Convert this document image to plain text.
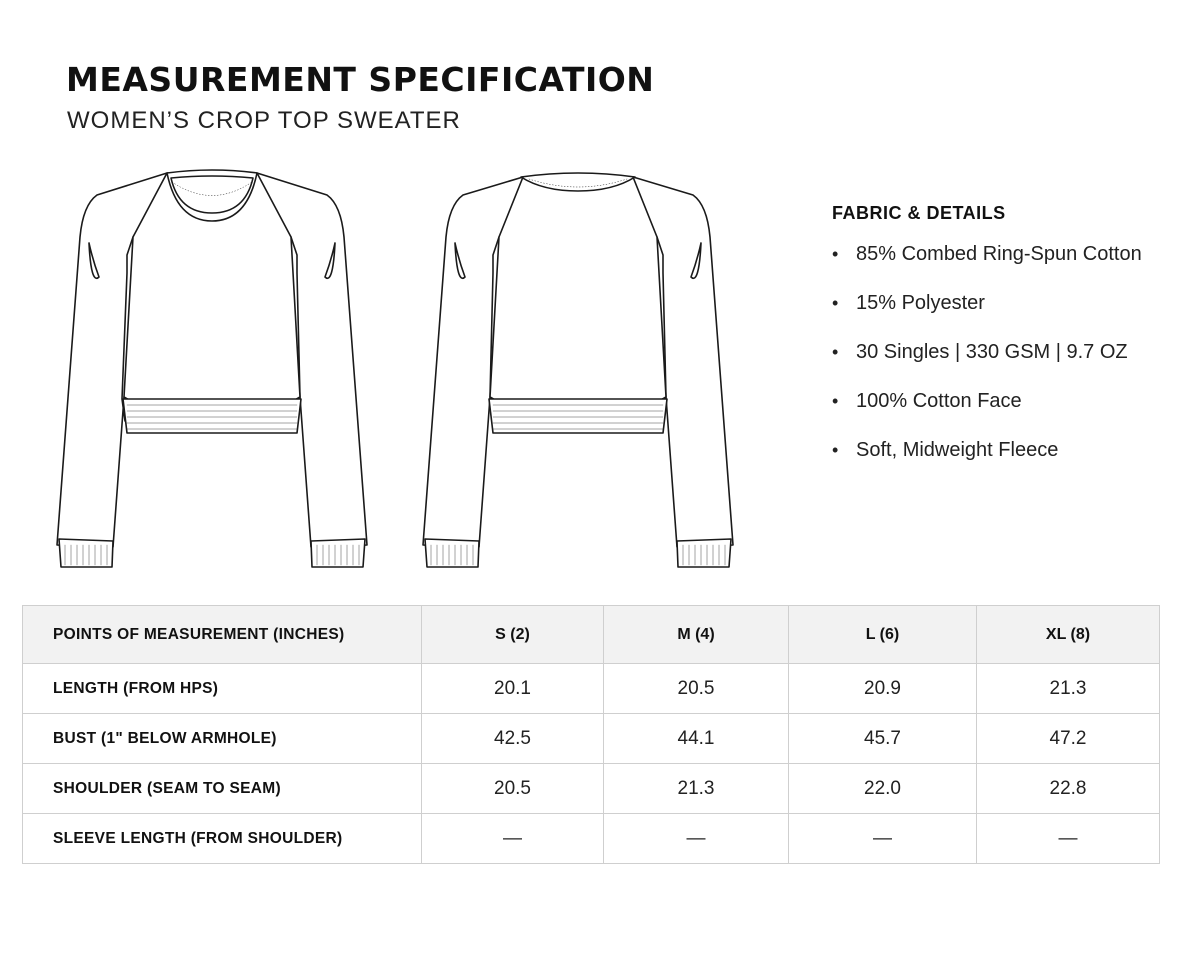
MEASUREMENT SPECIFICATION
WOMEN’S CROP TOP SWEATER
FABRIC & DETAILS
• 85% Combed Ring-Spun Cotton
• 15% Polyester
• 30 Singles | 330 GSM | 9.7 OZ
• 100% Cotton Face
• Soft, Midweight Fleece
POINTS OF MEASUREMENT (INCHES)	S (2)	M (4)	L (6)	XL (8)
LENGTH (FROM HPS)	20.1	20.5	20.9	21.3
BUST (1" BELOW ARMHOLE)	42.5	44.1	45.7	47.2
SHOULDER (SEAM TO SEAM)	20.5	21.3	22.0	22.8
SLEEVE LENGTH (FROM SHOULDER)	—	—	—	—
